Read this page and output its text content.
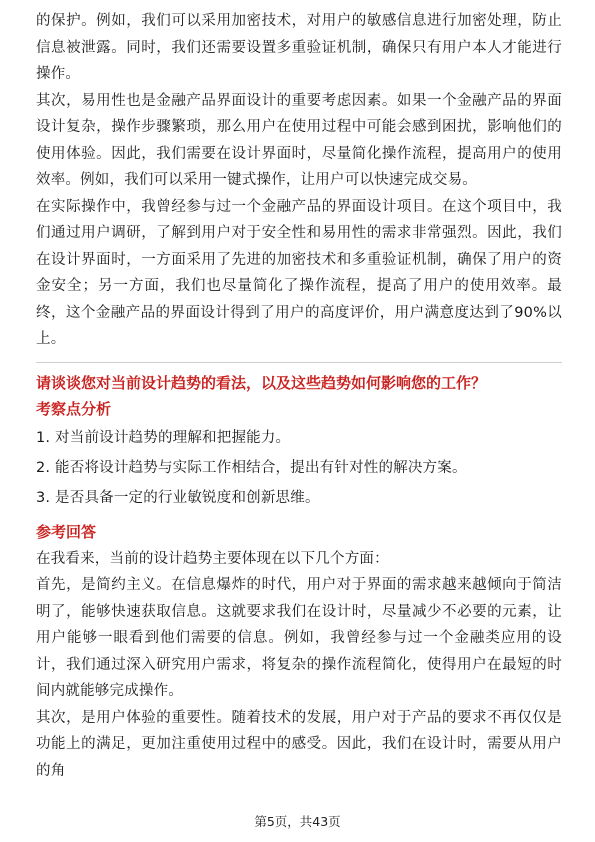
的保护。例如，我们可以采用加密技术，对用户的敏感信息进行加密处理，防止信息被泄露。同时，我们还需要设置多重验证机制，确保只有用户本人才能进行操作。

其次，易用性也是金融产品界面设计的重要考虑因素。如果一个金融产品的界面设计复杂，操作步骤繁琐，那么用户在使用过程中可能会感到困扰，影响他们的使用体验。因此，我们需要在设计界面时，尽量简化操作流程，提高用户的使用效率。例如，我们可以采用一键式操作，让用户可以快速完成交易。

在实际操作中，我曾经参与过一个金融产品的界面设计项目。在这个项目中，我们通过用户调研，了解到用户对于安全性和易用性的需求非常强烈。因此，我们在设计界面时，一方面采用了先进的加密技术和多重验证机制，确保了用户的资金安全；另一方面，我们也尽量简化了操作流程，提高了用户的使用效率。最终，这个金融产品的界面设计得到了用户的高度评价，用户满意度达到了90%以上。

请谈谈您对当前设计趋势的看法，以及这些趋势如何影响您的工作？

考察点分析

1. 对当前设计趋势的理解和把握能力。

2. 能否将设计趋势与实际工作相结合，提出有针对性的解决方案。

3. 是否具备一定的行业敏锐度和创新思维。

参考回答

在我看来，当前的设计趋势主要体现在以下几个方面：

首先，是简约主义。在信息爆炸的时代，用户对于界面的需求越来越倾向于简洁明了，能够快速获取信息。这就要求我们在设计时，尽量减少不必要的元素，让用户能够一眼看到他们需要的信息。例如，我曾经参与过一个金融类应用的设计，我们通过深入研究用户需求，将复杂的操作流程简化，使得用户在最短的时间内就能够完成操作。

其次，是用户体验的重要性。随着技术的发展，用户对于产品的要求不再仅仅是功能上的满足，更加注重使用过程中的感受。因此，我们在设计时，需要从用户的角

第5页，共43页
